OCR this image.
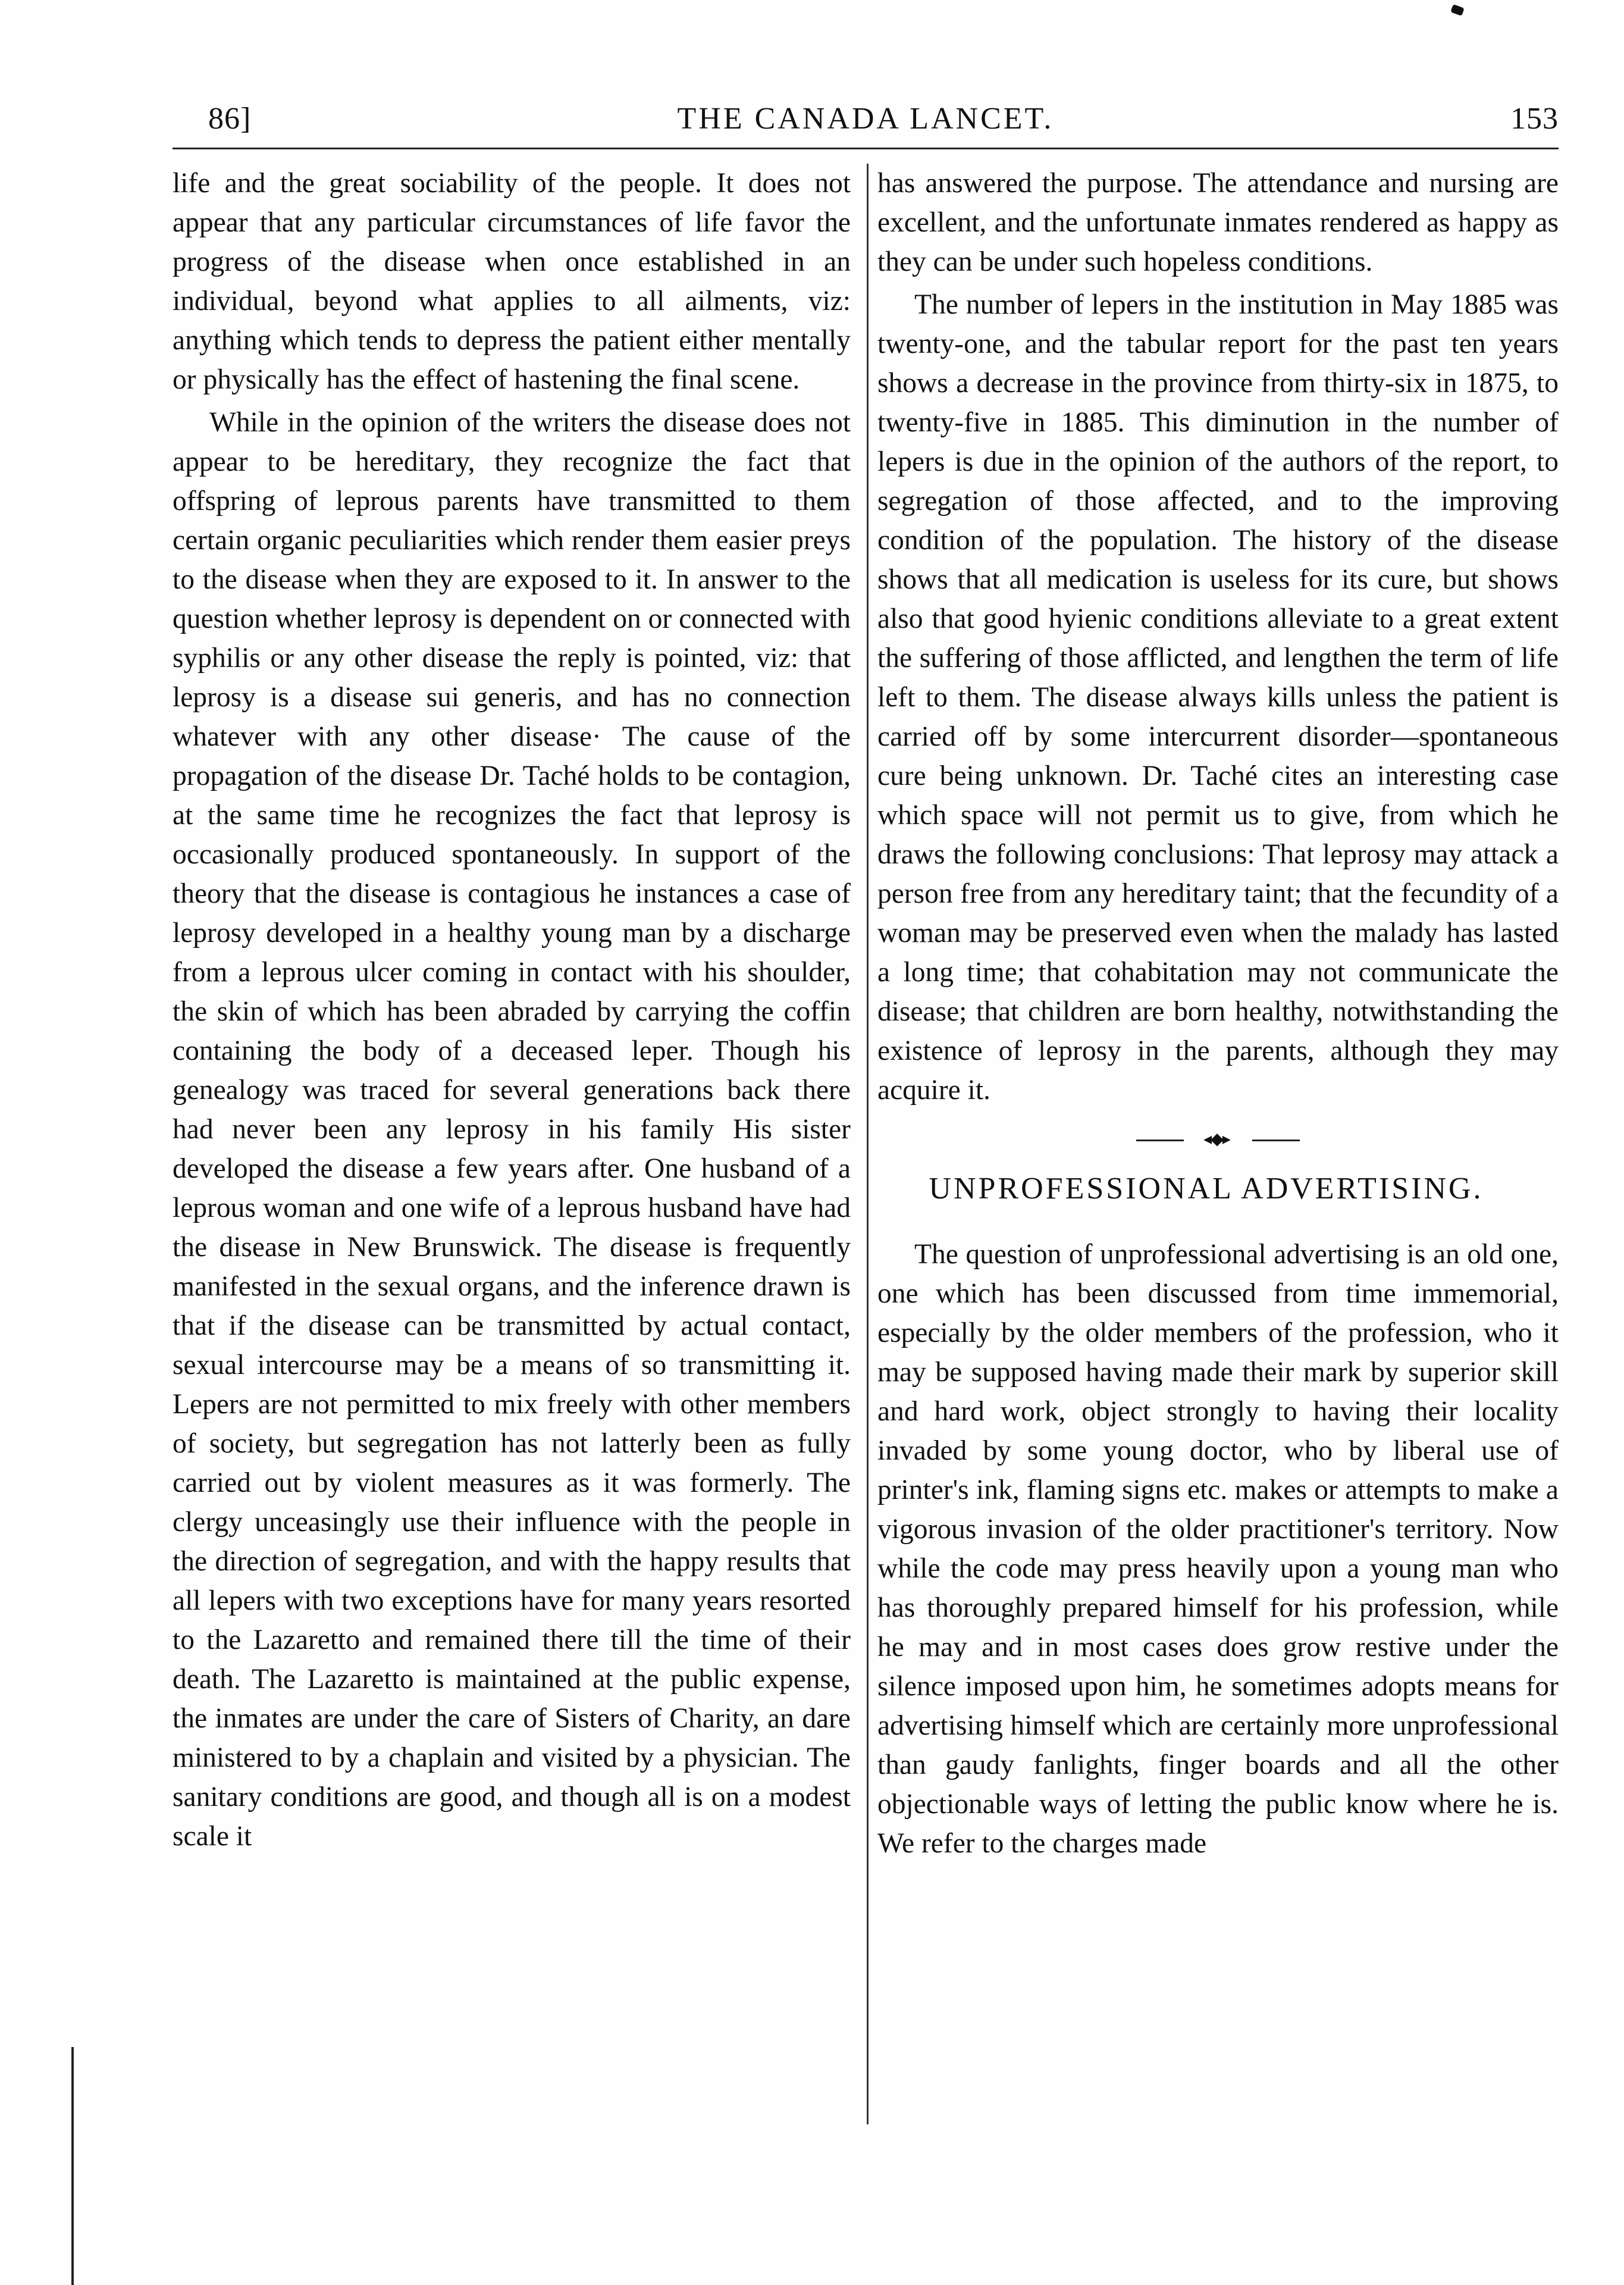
86]	THE CANADA LANCET.	153

life and the great sociability of the people. It does not appear that any particular circumstances of life favor the progress of the disease when once established in an individual, beyond what applies to all ailments, viz: anything which tends to depress the patient either mentally or physically has the effect of hastening the final scene.

While in the opinion of the writers the disease does not appear to be hereditary, they recognize the fact that offspring of leprous parents have transmitted to them certain organic peculiarities which render them easier preys to the disease when they are exposed to it. In answer to the question whether leprosy is dependent on or connected with syphilis or any other disease the reply is pointed, viz: that leprosy is a disease sui generis, and has no connection whatever with any other disease· The cause of the propagation of the disease Dr. Taché holds to be contagion, at the same time he recognizes the fact that leprosy is occasionally produced spontaneously. In support of the theory that the disease is contagious he instances a case of leprosy developed in a healthy young man by a discharge from a leprous ulcer coming in contact with his shoulder, the skin of which has been abraded by carrying the coffin containing the body of a deceased leper. Though his genealogy was traced for several generations back there had never been any leprosy in his family His sister developed the disease a few years after. One husband of a leprous woman and one wife of a leprous husband have had the disease in New Brunswick. The disease is frequently manifested in the sexual organs, and the inference drawn is that if the disease can be transmitted by actual contact, sexual intercourse may be a means of so transmitting it. Lepers are not permitted to mix freely with other members of society, but segregation has not latterly been as fully carried out by violent measures as it was formerly. The clergy unceasingly use their influence with the people in the direction of segregation, and with the happy results that all lepers with two exceptions have for many years resorted to the Lazaretto and remained there till the time of their death. The Lazaretto is maintained at the public expense, the inmates are under the care of Sisters of Charity, an dare ministered to by a chaplain and visited by a physician. The sanitary conditions are good, and though all is on a modest scale it

has answered the purpose. The attendance and nursing are excellent, and the unfortunate inmates rendered as happy as they can be under such hopeless conditions.

The number of lepers in the institution in May 1885 was twenty-one, and the tabular report for the past ten years shows a decrease in the province from thirty-six in 1875, to twenty-five in 1885. This diminution in the number of lepers is due in the opinion of the authors of the report, to segregation of those affected, and to the improving condition of the population. The history of the disease shows that all medication is useless for its cure, but shows also that good hyienic conditions alleviate to a great extent the suffering of those afflicted, and lengthen the term of life left to them. The disease always kills unless the patient is carried off by some intercurrent disorder—spontaneous cure being unknown. Dr. Taché cites an interesting case which space will not permit us to give, from which he draws the following conclusions: That leprosy may attack a person free from any hereditary taint; that the fecundity of a woman may be preserved even when the malady has lasted a long time; that cohabitation may not communicate the disease; that children are born healthy, notwithstanding the existence of leprosy in the parents, although they may acquire it.

◂◆▸
UNPROFESSIONAL ADVERTISING.

The question of unprofessional advertising is an old one, one which has been discussed from time immemorial, especially by the older members of the profession, who it may be supposed having made their mark by superior skill and hard work, object strongly to having their locality invaded by some young doctor, who by liberal use of printer's ink, flaming signs etc. makes or attempts to make a vigorous invasion of the older practitioner's territory. Now while the code may press heavily upon a young man who has thoroughly prepared himself for his profession, while he may and in most cases does grow restive under the silence imposed upon him, he sometimes adopts means for advertising himself which are certainly more unprofessional than gaudy fanlights, finger boards and all the other objectionable ways of letting the public know where he is. We refer to the charges made
